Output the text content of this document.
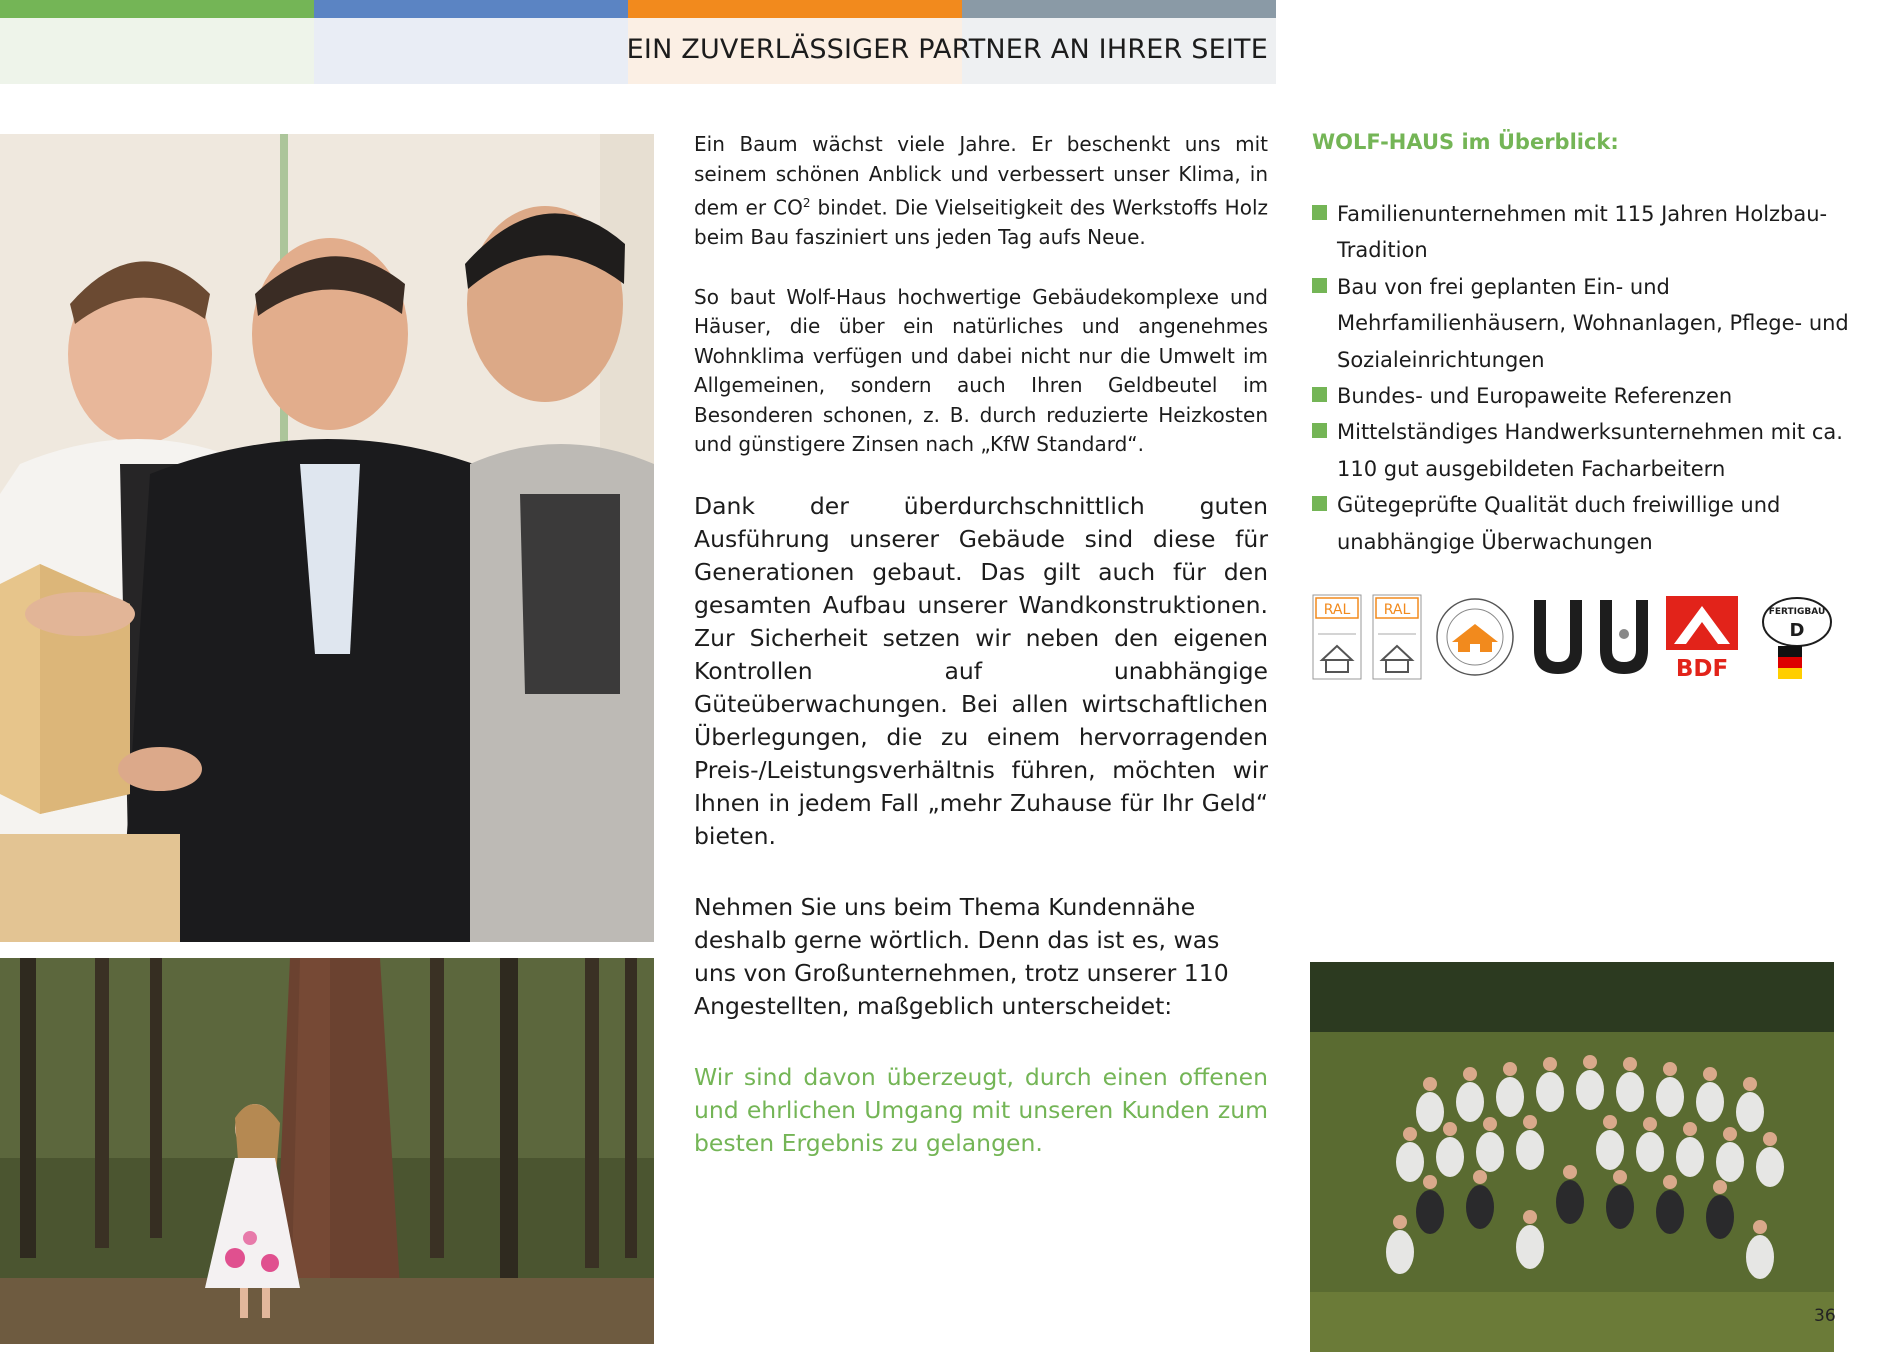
EIN ZUVERLÄSSIGER PARTNER AN IHRER SEITE

Ein Baum wächst viele Jahre. Er beschenkt uns mit seinem schönen Anblick und verbessert unser Klima, in dem er $CO^2$ bindet. Die Vielseitigkeit des Werkstoffs Holz beim Bau fasziniert uns jeden Tag aufs Neue.

So baut Wolf-Haus hochwertige Gebäudekomplexe und Häuser, die über ein natürliches und angenehmes Wohnklima verfügen und dabei nicht nur die Umwelt im Allgemeinen, sondern auch Ihren Geldbeutel im Besonderen schonen, z. B. durch reduzierte Heizkosten und günstigere Zinsen nach „KfW Standard“.

Dank der überdurchschnittlich guten Ausführung unserer Gebäude sind diese für Generationen gebaut. Das gilt auch für den gesamten Aufbau unserer Wandkonstruktionen. Zur Sicherheit setzen wir neben den eigenen Kontrollen auf unabhängige Güteüberwachungen. Bei allen wirtschaftlichen Überlegungen, die zu einem hervorragenden Preis-/Leistungsverhältnis führen, möchten wir Ihnen in jedem Fall „mehr Zuhause für Ihr Geld“ bieten.

Nehmen Sie uns beim Thema Kundennähe deshalb gerne wörtlich. Denn das ist es, was uns von Großunternehmen, trotz unserer 110 Angestellten, maßgeblich unterscheidet:

Wir sind davon überzeugt, durch einen offenen und ehrlichen Umgang mit unseren Kunden zum besten Ergebnis zu gelangen.

WOLF-HAUS im Überblick:
Familienunternehmen mit 115 Jahren Holzbau-Tradition
Bau von frei geplanten Ein- und Mehrfamilienhäusern, Wohnanlagen, Pflege- und Sozialeinrichtungen
Bundes- und Europaweite Referenzen
Mittelständiges Handwerksunternehmen mit ca. 110 gut ausgebildeten Facharbeitern
Gütegeprüfte Qualität duch freiwillige und unabhängige Überwachungen
RAL RAL
Ü	Ü
BDF
FERTIGBAU
D
36
